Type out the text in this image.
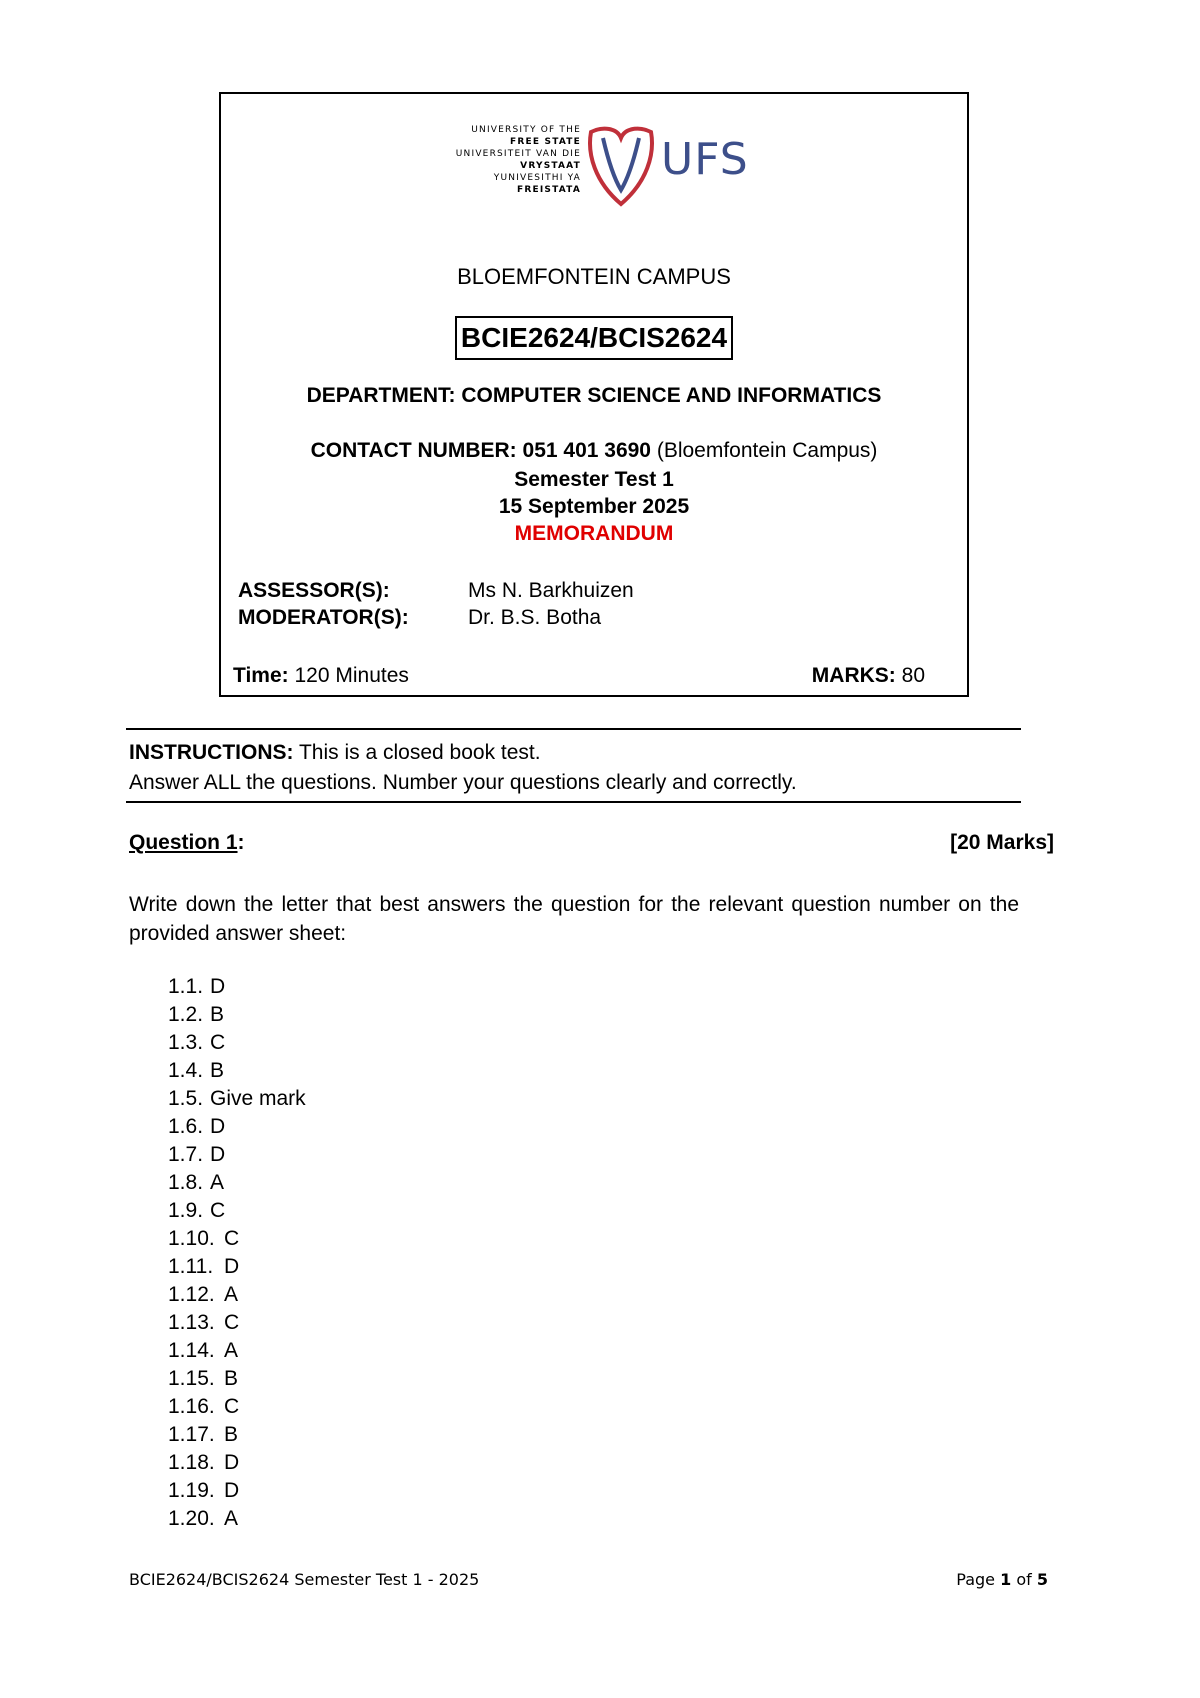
UNIVERSITY OF THE
FREE STATE
UNIVERSITEIT VAN DIE
VRYSTAAT
YUNIVESITHI YA
FREISTATA
UFS
BLOEMFONTEIN CAMPUS
BCIE2624/BCIS2624
DEPARTMENT: COMPUTER SCIENCE AND INFORMATICS
CONTACT NUMBER: 051 401 3690 (Bloemfontein Campus)
Semester Test 1
15 September 2025
MEMORANDUM
ASSESSOR(S):	Ms N. Barkhuizen
MODERATOR(S):	Dr. B.S. Botha
Time: 120 Minutes	MARKS: 80
INSTRUCTIONS: This is a closed book test.
Answer ALL the questions. Number your questions clearly and correctly.
Question 1:	[20 Marks]
Write down the letter that best answers the question for the relevant question number on the provided answer sheet:
1.1. D
1.2. B
1.3. C
1.4. B
1.5. Give mark
1.6. D
1.7. D
1.8. A
1.9. C
1.10. C
1.11. D
1.12. A
1.13. C
1.14. A
1.15. B
1.16. C
1.17. B
1.18. D
1.19. D
1.20. A
BCIE2624/BCIS2624 Semester Test 1 - 2025	Page 1 of 5
